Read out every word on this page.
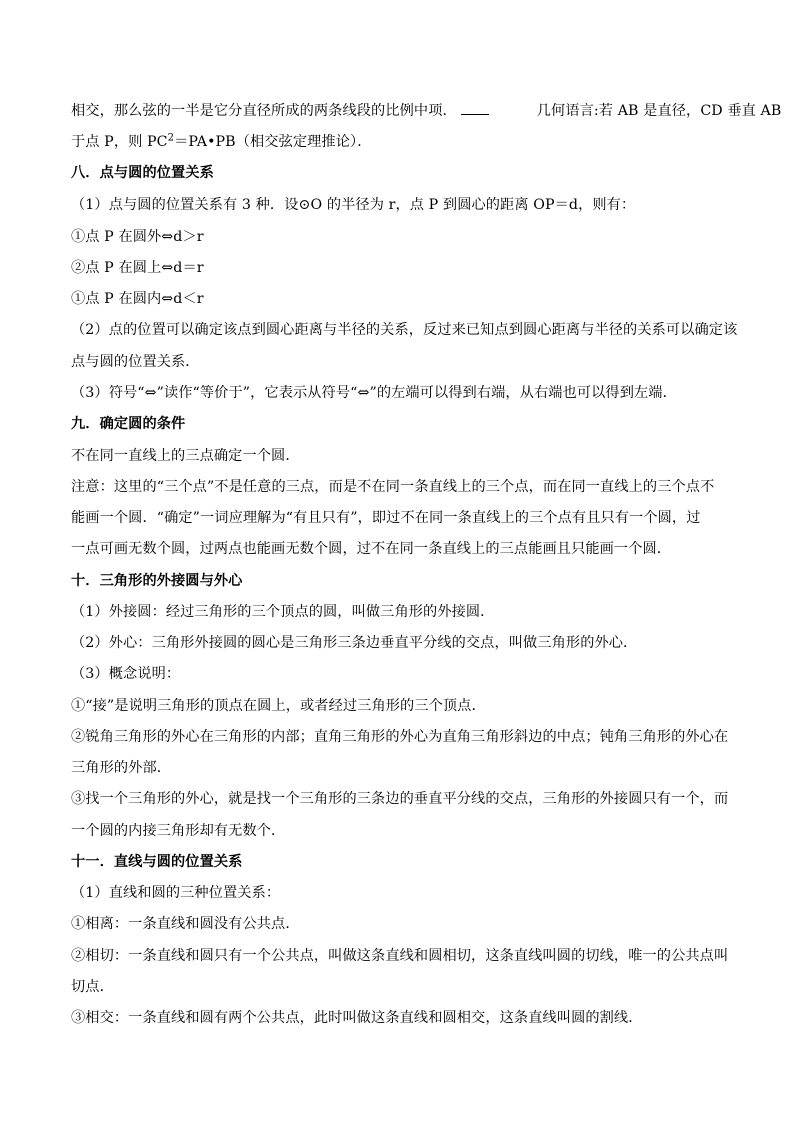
相交，那么弦的一半是它分直径所成的两条线段的比例中项．	几何语言:若 AB 是直径，CD 垂直 AB
于点 P，则 $PC^2=PA•PB$（相交弦定理推论）．
八．点与圆的位置关系
（1）点与圆的位置关系有 3 种．设⊙O 的半径为 r，点 P 到圆心的距离 OP＝d，则有：
①点 P 在圆外⇔d＞r
②点 P 在圆上⇔d＝r
①点 P 在圆内⇔d＜r
（2）点的位置可以确定该点到圆心距离与半径的关系，反过来已知点到圆心距离与半径的关系可以确定该
点与圆的位置关系．
（3）符号“⇔”读作“等价于”，它表示从符号“⇔”的左端可以得到右端，从右端也可以得到左端．
九．确定圆的条件
不在同一直线上的三点确定一个圆．
注意：这里的“三个点”不是任意的三点，而是不在同一条直线上的三个点，而在同一直线上的三个点不
能画一个圆．“确定”一词应理解为“有且只有”，即过不在同一条直线上的三个点有且只有一个圆，过
一点可画无数个圆，过两点也能画无数个圆，过不在同一条直线上的三点能画且只能画一个圆．
十．三角形的外接圆与外心
（1）外接圆：经过三角形的三个顶点的圆，叫做三角形的外接圆．
（2）外心：三角形外接圆的圆心是三角形三条边垂直平分线的交点，叫做三角形的外心．
（3）概念说明：
①“接”是说明三角形的顶点在圆上，或者经过三角形的三个顶点．
②锐角三角形的外心在三角形的内部；直角三角形的外心为直角三角形斜边的中点；钝角三角形的外心在
三角形的外部．
③找一个三角形的外心，就是找一个三角形的三条边的垂直平分线的交点，三角形的外接圆只有一个，而
一个圆的内接三角形却有无数个．
十一．直线与圆的位置关系
（1）直线和圆的三种位置关系：
①相离：一条直线和圆没有公共点．
②相切：一条直线和圆只有一个公共点，叫做这条直线和圆相切，这条直线叫圆的切线，唯一的公共点叫
切点．
③相交：一条直线和圆有两个公共点，此时叫做这条直线和圆相交，这条直线叫圆的割线．
